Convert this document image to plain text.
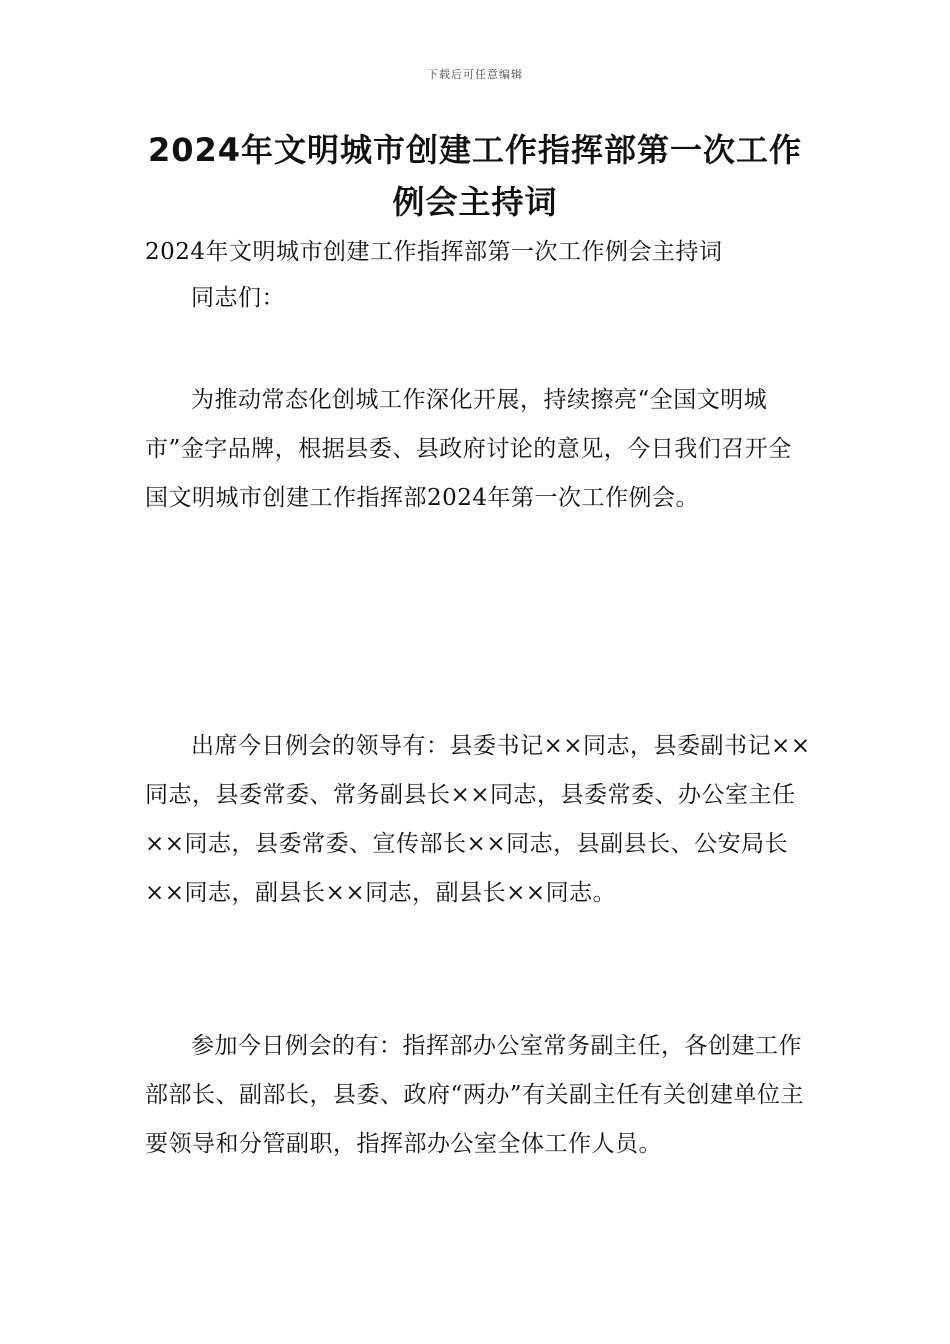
下载后可任意编辑
2024年文明城市创建工作指挥部第一次工作例会主持词

2024年文明城市创建工作指挥部第一次工作例会主持词

同志们：

为推动常态化创城工作深化开展，持续擦亮“全国文明城市”金字品牌，根据县委、县政府讨论的意见，今日我们召开全国文明城市创建工作指挥部2024年第一次工作例会。

出席今日例会的领导有：县委书记××同志，县委副书记××同志，县委常委、常务副县长××同志，县委常委、办公室主任××同志，县委常委、宣传部长××同志，县副县长、公安局长××同志，副县长××同志，副县长××同志。

参加今日例会的有：指挥部办公室常务副主任，各创建工作部部长、副部长，县委、政府“两办”有关副主任有关创建单位主要领导和分管副职，指挥部办公室全体工作人员。
